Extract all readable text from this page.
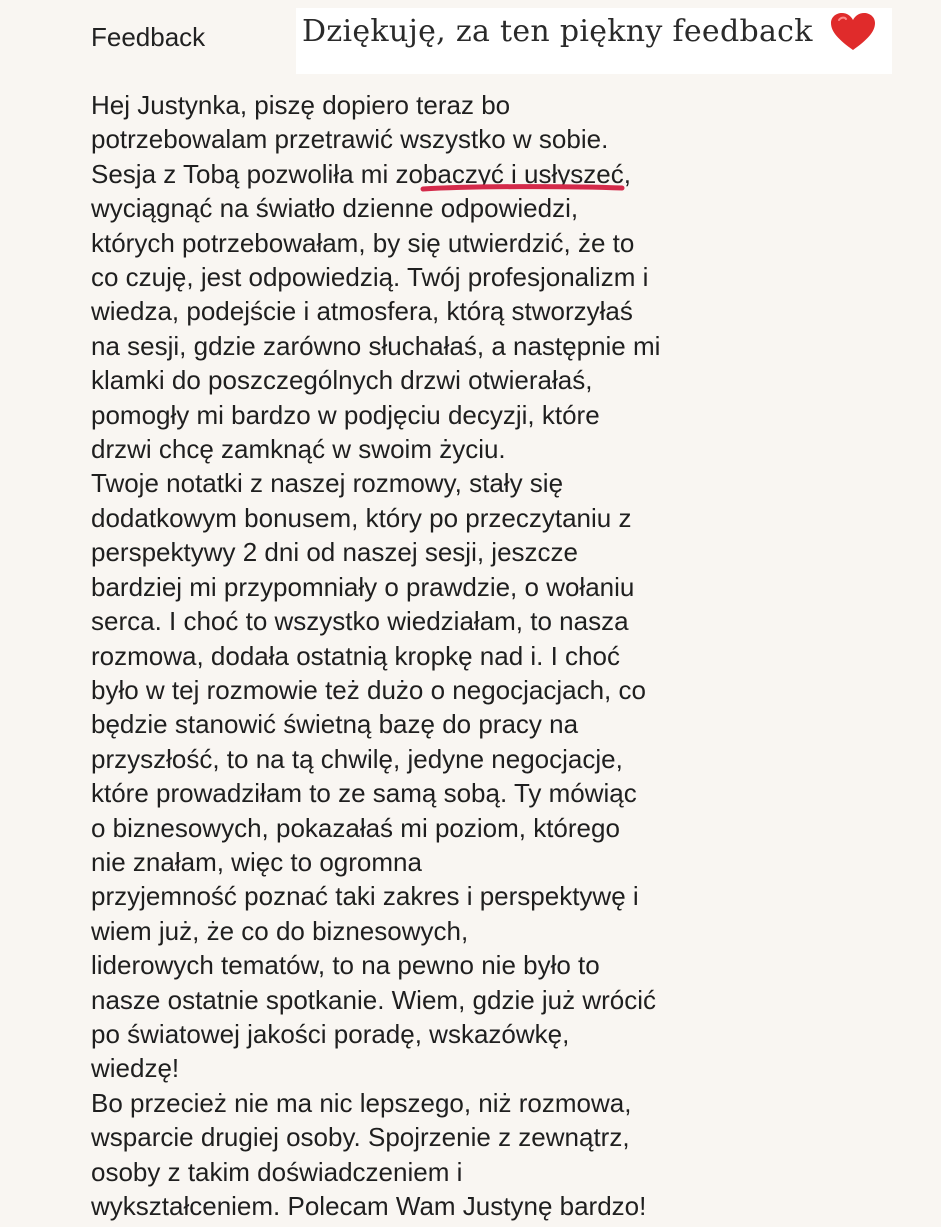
Feedback	Dziękuję, za ten piękny feedback
Hej Justynka, piszę dopiero teraz bo
potrzebowalam przetrawić wszystko w sobie.
Sesja z Tobą pozwoliła mi zobaczyć i usłyszeć,
wyciągnąć na światło dzienne odpowiedzi,
których potrzebowałam, by się utwierdzić, że to
co czuję, jest odpowiedzią. Twój profesjonalizm i
wiedza, podejście i atmosfera, którą stworzyłaś
na sesji, gdzie zarówno słuchałaś, a następnie mi
klamki do poszczególnych drzwi otwierałaś,
pomogły mi bardzo w podjęciu decyzji, które
drzwi chcę zamknąć w swoim życiu.
Twoje notatki z naszej rozmowy, stały się
dodatkowym bonusem, który po przeczytaniu z
perspektywy 2 dni od naszej sesji, jeszcze
bardziej mi przypomniały o prawdzie, o wołaniu
serca. I choć to wszystko wiedziałam, to nasza
rozmowa, dodała ostatnią kropkę nad i. I choć
było w tej rozmowie też dużo o negocjacjach, co
będzie stanowić świetną bazę do pracy na
przyszłość, to na tą chwilę, jedyne negocjacje,
które prowadziłam to ze samą sobą. Ty mówiąc
o biznesowych, pokazałaś mi poziom, którego
nie znałam, więc to ogromna
przyjemność poznać taki zakres i perspektywę i
wiem już, że co do biznesowych,
liderowych tematów, to na pewno nie było to
nasze ostatnie spotkanie. Wiem, gdzie już wrócić
po światowej jakości poradę, wskazówkę,
wiedzę!
Bo przecież nie ma nic lepszego, niż rozmowa,
wsparcie drugiej osoby. Spojrzenie z zewnątrz,
osoby z takim doświadczeniem i
wykształceniem. Polecam Wam Justynę bardzo!
